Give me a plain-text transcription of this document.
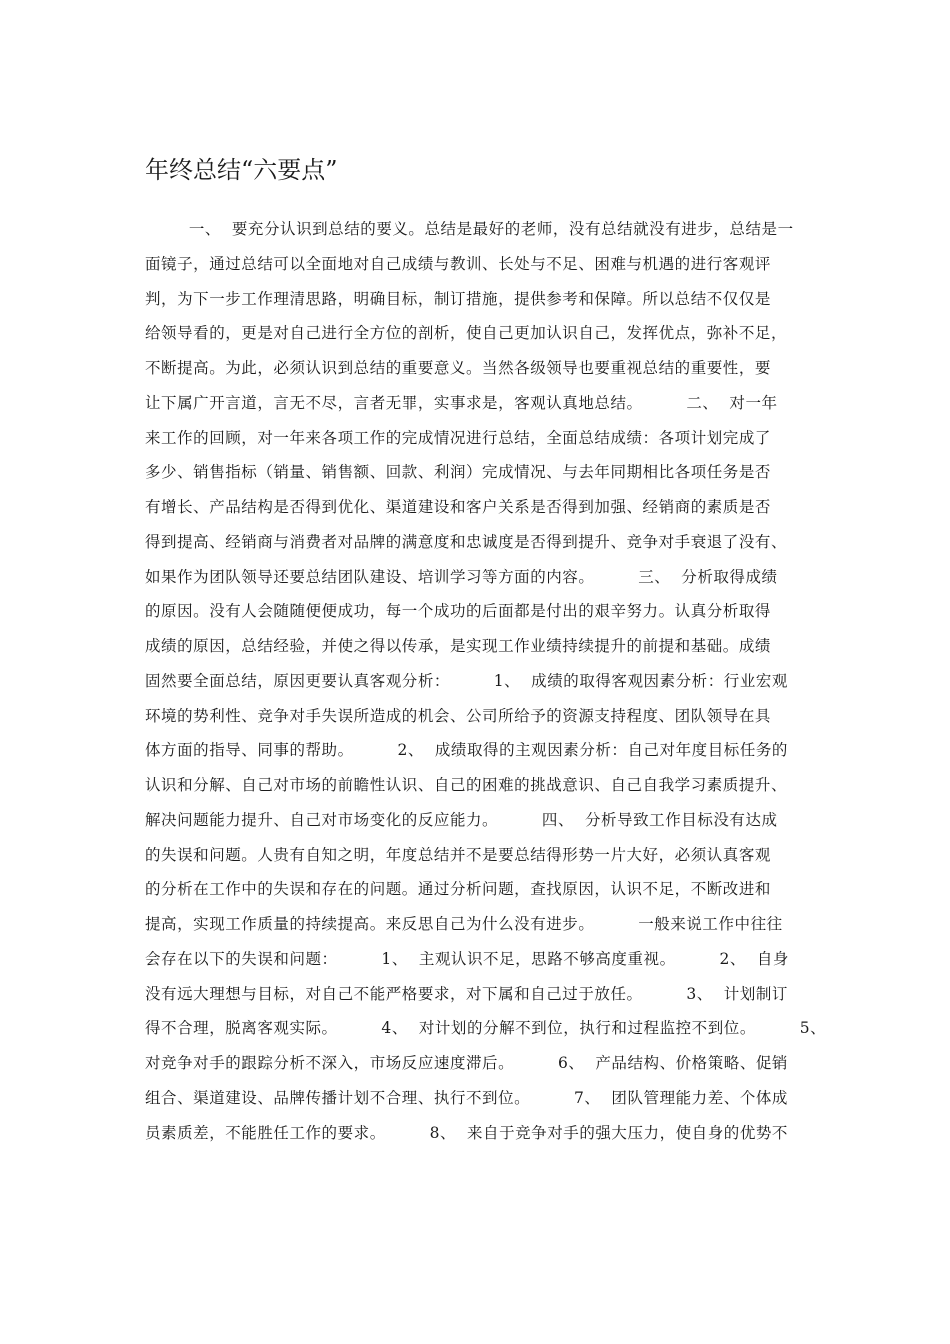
年终总结“六要点”
一、  要充分认识到总结的要义。总结是最好的老师，没有总结就没有进步，总结是一
面镜子，通过总结可以全面地对自己成绩与教训、长处与不足、困难与机遇的进行客观评
判，为下一步工作理清思路，明确目标，制订措施，提供参考和保障。所以总结不仅仅是
给领导看的，更是对自己进行全方位的剖析，使自己更加认识自己，发挥优点，弥补不足，
不断提高。为此，必须认识到总结的重要意义。当然各级领导也要重视总结的重要性，要
让下属广开言道，言无不尽，言者无罪，实事求是，客观认真地总结。        二、  对一年
来工作的回顾，对一年来各项工作的完成情况进行总结，全面总结成绩：各项计划完成了
多少、销售指标（销量、销售额、回款、利润）完成情况、与去年同期相比各项任务是否
有增长、产品结构是否得到优化、渠道建设和客户关系是否得到加强、经销商的素质是否
得到提高、经销商与消费者对品牌的满意度和忠诚度是否得到提升、竞争对手衰退了没有、
如果作为团队领导还要总结团队建设、培训学习等方面的内容。        三、  分析取得成绩
的原因。没有人会随随便便成功，每一个成功的后面都是付出的艰辛努力。认真分析取得
成绩的原因，总结经验，并使之得以传承，是实现工作业绩持续提升的前提和基础。成绩
固然要全面总结，原因更要认真客观分析：        1、  成绩的取得客观因素分析：行业宏观
环境的势利性、竞争对手失误所造成的机会、公司所给予的资源支持程度、团队领导在具
体方面的指导、同事的帮助。        2、  成绩取得的主观因素分析：自己对年度目标任务的
认识和分解、自己对市场的前瞻性认识、自己的困难的挑战意识、自己自我学习素质提升、
解决问题能力提升、自己对市场变化的反应能力。        四、  分析导致工作目标没有达成
的失误和问题。人贵有自知之明，年度总结并不是要总结得形势一片大好，必须认真客观
的分析在工作中的失误和存在的问题。通过分析问题，查找原因，认识不足，不断改进和
提高，实现工作质量的持续提高。来反思自己为什么没有进步。        一般来说工作中往往
会存在以下的失误和问题：        1、  主观认识不足，思路不够高度重视。        2、  自身
没有远大理想与目标，对自己不能严格要求，对下属和自己过于放任。        3、  计划制订
得不合理，脱离客观实际。        4、  对计划的分解不到位，执行和过程监控不到位。        5、
对竞争对手的跟踪分析不深入，市场反应速度滞后。        6、  产品结构、价格策略、促销
组合、渠道建设、品牌传播计划不合理、执行不到位。        7、  团队管理能力差、个体成
员素质差，不能胜任工作的要求。        8、  来自于竞争对手的强大压力，使自身的优势不
